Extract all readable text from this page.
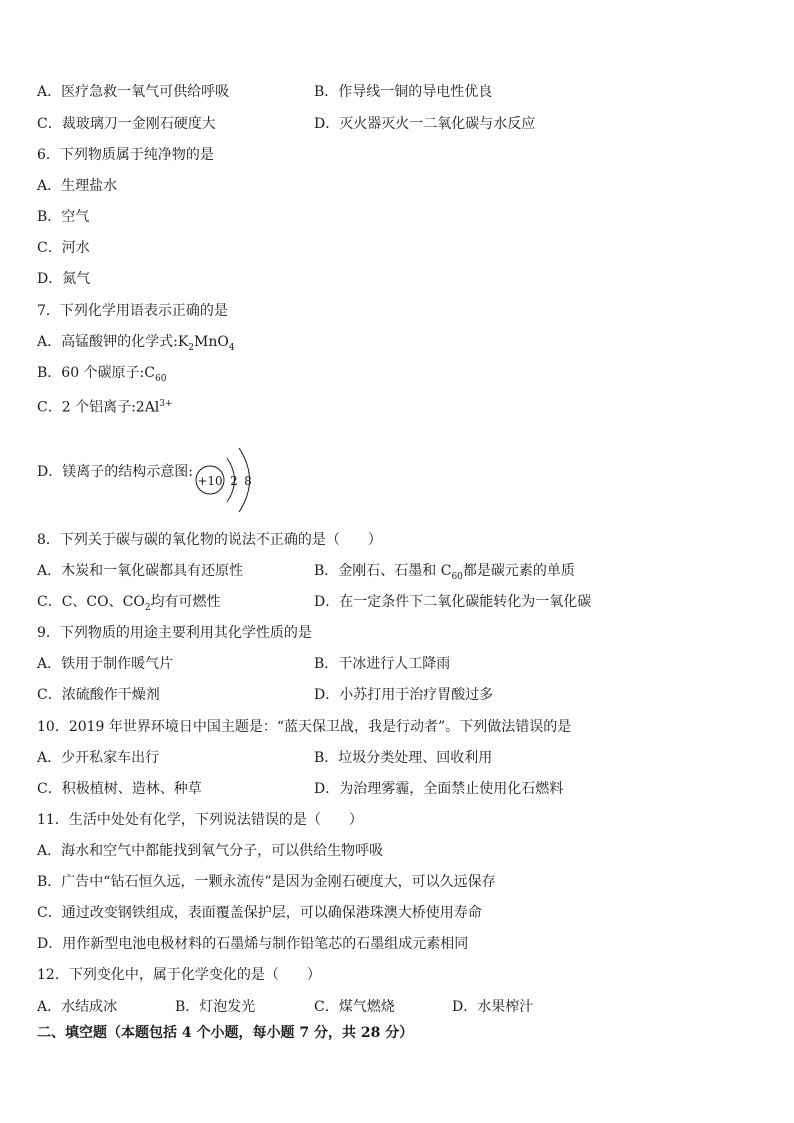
A．医疗急救一氧气可供给呼吸	B．作导线一铜的导电性优良
C．裁玻璃刀一金刚石硬度大	D．灭火器灭火一二氧化碳与水反应
6．下列物质属于纯净物的是
A．生理盐水
B．空气
C．河水
D．氮气
7．下列化学用语表示正确的是
A．高锰酸钾的化学式$:K_2MnO_4$
B．60 个碳原子$:C_{60}$
C．2 个铝离子$:2Al^{3+}$
D．镁离子的结构示意图:
+10 2 8
8．下列关于碳与碳的氧化物的说法不正确的是（　　）
A．木炭和一氧化碳都具有还原性	B．金刚石、石墨和 $C_{60}$都是碳元素的单质
C．C、CO、$CO_2$均有可燃性	D．在一定条件下二氧化碳能转化为一氧化碳
9．下列物质的用途主要利用其化学性质的是
A．铁用于制作暖气片	B．干冰进行人工降雨
C．浓硫酸作干燥剂	D．小苏打用于治疗胃酸过多
10．2019 年世界环境日中国主题是：“蓝天保卫战，我是行动者”。下列做法错误的是
A．少开私家车出行	B．垃圾分类处理、回收利用
C．积极植树、造林、种草	D．为治理雾霾，全面禁止使用化石燃料
11．生活中处处有化学，下列说法错误的是（　　）
A．海水和空气中都能找到氧气分子，可以供给生物呼吸
B．广告中“钻石恒久远，一颗永流传”是因为金刚石硬度大，可以久远保存
C．通过改变钢铁组成，表面覆盖保护层，可以确保港珠澳大桥使用寿命
D．用作新型电池电极材料的石墨烯与制作铅笔芯的石墨组成元素相同
12．下列变化中，属于化学变化的是（　　）
A．水结成冰	B．灯泡发光	C．煤气燃烧	D．水果榨汁
二、填空题（本题包括 4 个小题，每小题 7 分，共 28 分）
